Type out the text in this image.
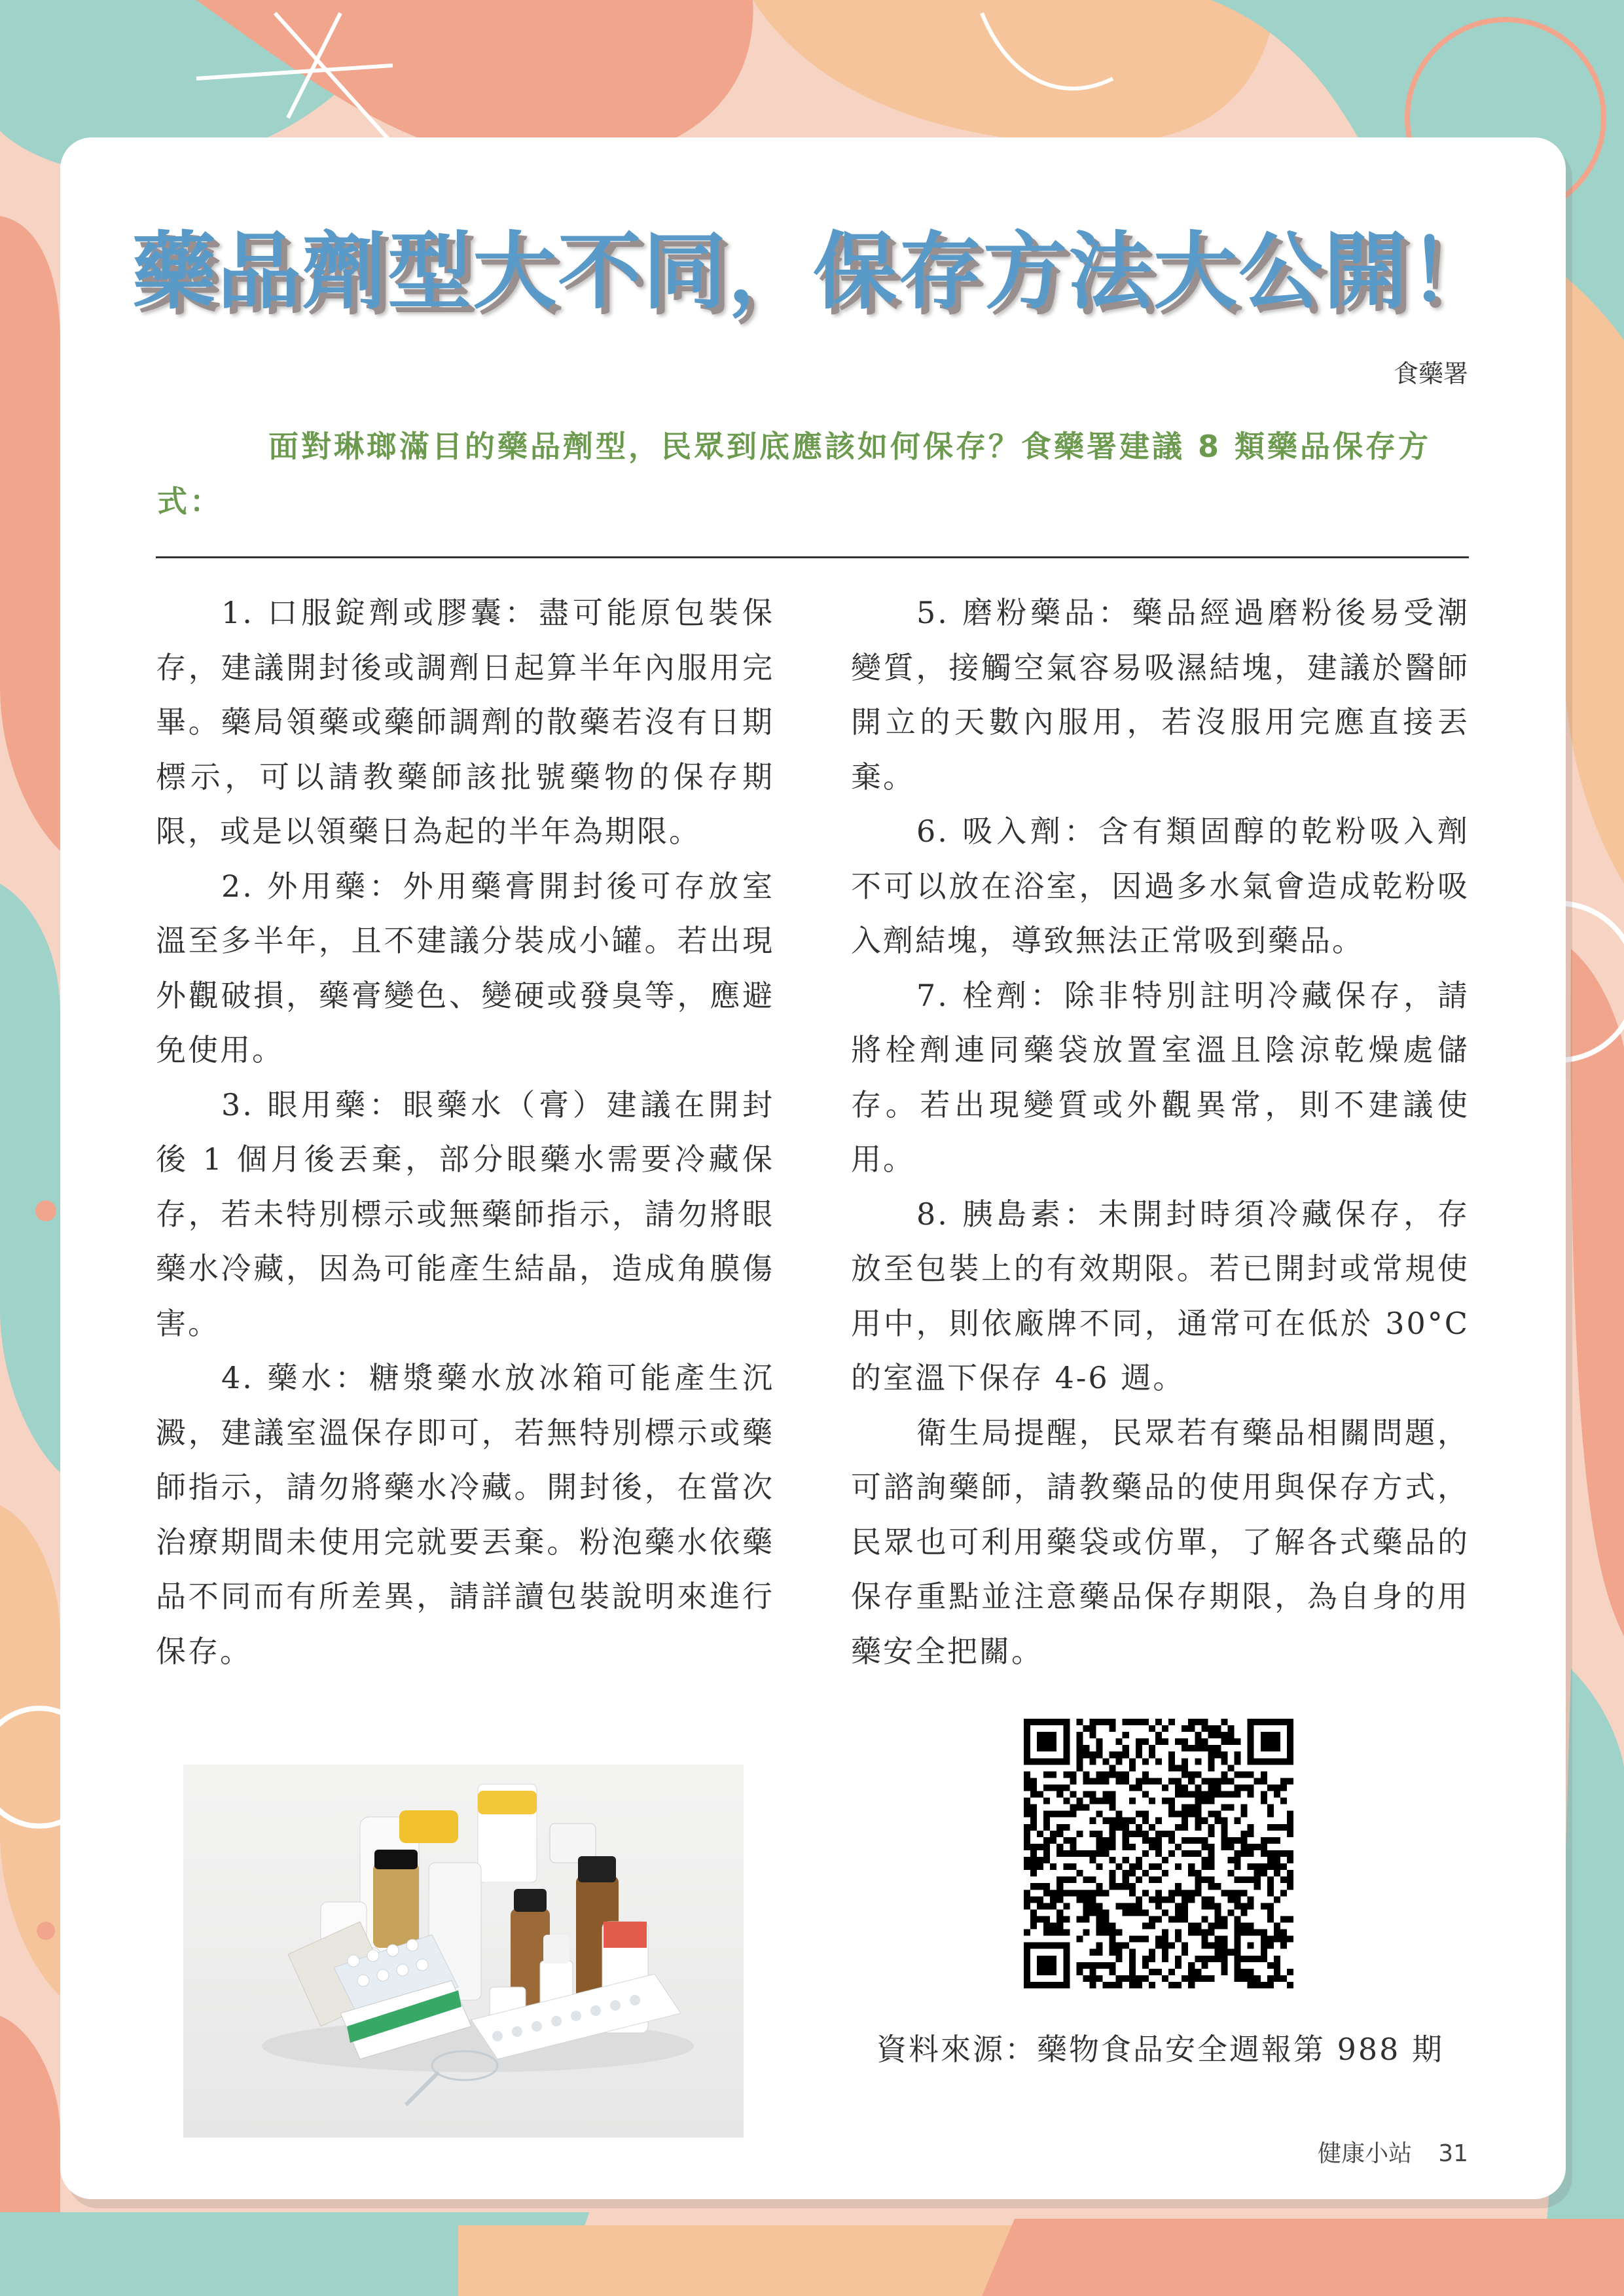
藥品劑型大不同，保存方法大公開！

食藥署

面對琳瑯滿目的藥品劑型，民眾到底應該如何保存？食藥署建議 8 類藥品保存方式：

1. 口服錠劑或膠囊：盡可能原包裝保存，建議開封後或調劑日起算半年內服用完畢。藥局領藥或藥師調劑的散藥若沒有日期標示，可以請教藥師該批號藥物的保存期限，或是以領藥日為起的半年為期限。

2. 外用藥：外用藥膏開封後可存放室溫至多半年，且不建議分裝成小罐。若出現外觀破損，藥膏變色、變硬或發臭等，應避免使用。

3. 眼用藥：眼藥水（膏）建議在開封後 1 個月後丟棄，部分眼藥水需要冷藏保存，若未特別標示或無藥師指示，請勿將眼藥水冷藏，因為可能產生結晶，造成角膜傷害。

4. 藥水：糖漿藥水放冰箱可能產生沉澱，建議室溫保存即可，若無特別標示或藥師指示，請勿將藥水冷藏。開封後，在當次治療期間未使用完就要丟棄。粉泡藥水依藥品不同而有所差異，請詳讀包裝說明來進行保存。

5. 磨粉藥品：藥品經過磨粉後易受潮變質，接觸空氣容易吸濕結塊，建議於醫師開立的天數內服用，若沒服用完應直接丟棄。

6. 吸入劑：含有類固醇的乾粉吸入劑不可以放在浴室，因過多水氣會造成乾粉吸入劑結塊，導致無法正常吸到藥品。

7. 栓劑：除非特別註明冷藏保存，請將栓劑連同藥袋放置室溫且陰涼乾燥處儲存。若出現變質或外觀異常，則不建議使用。

8. 胰島素：未開封時須冷藏保存，存放至包裝上的有效期限。若已開封或常規使用中，則依廠牌不同，通常可在低於 30°C的室溫下保存 4-6 週。

衛生局提醒，民眾若有藥品相關問題，可諮詢藥師，請教藥品的使用與保存方式，民眾也可利用藥袋或仿單，了解各式藥品的保存重點並注意藥品保存期限，為自身的用藥安全把關。

資料來源：藥物食品安全週報第 988 期

健康小站 31
